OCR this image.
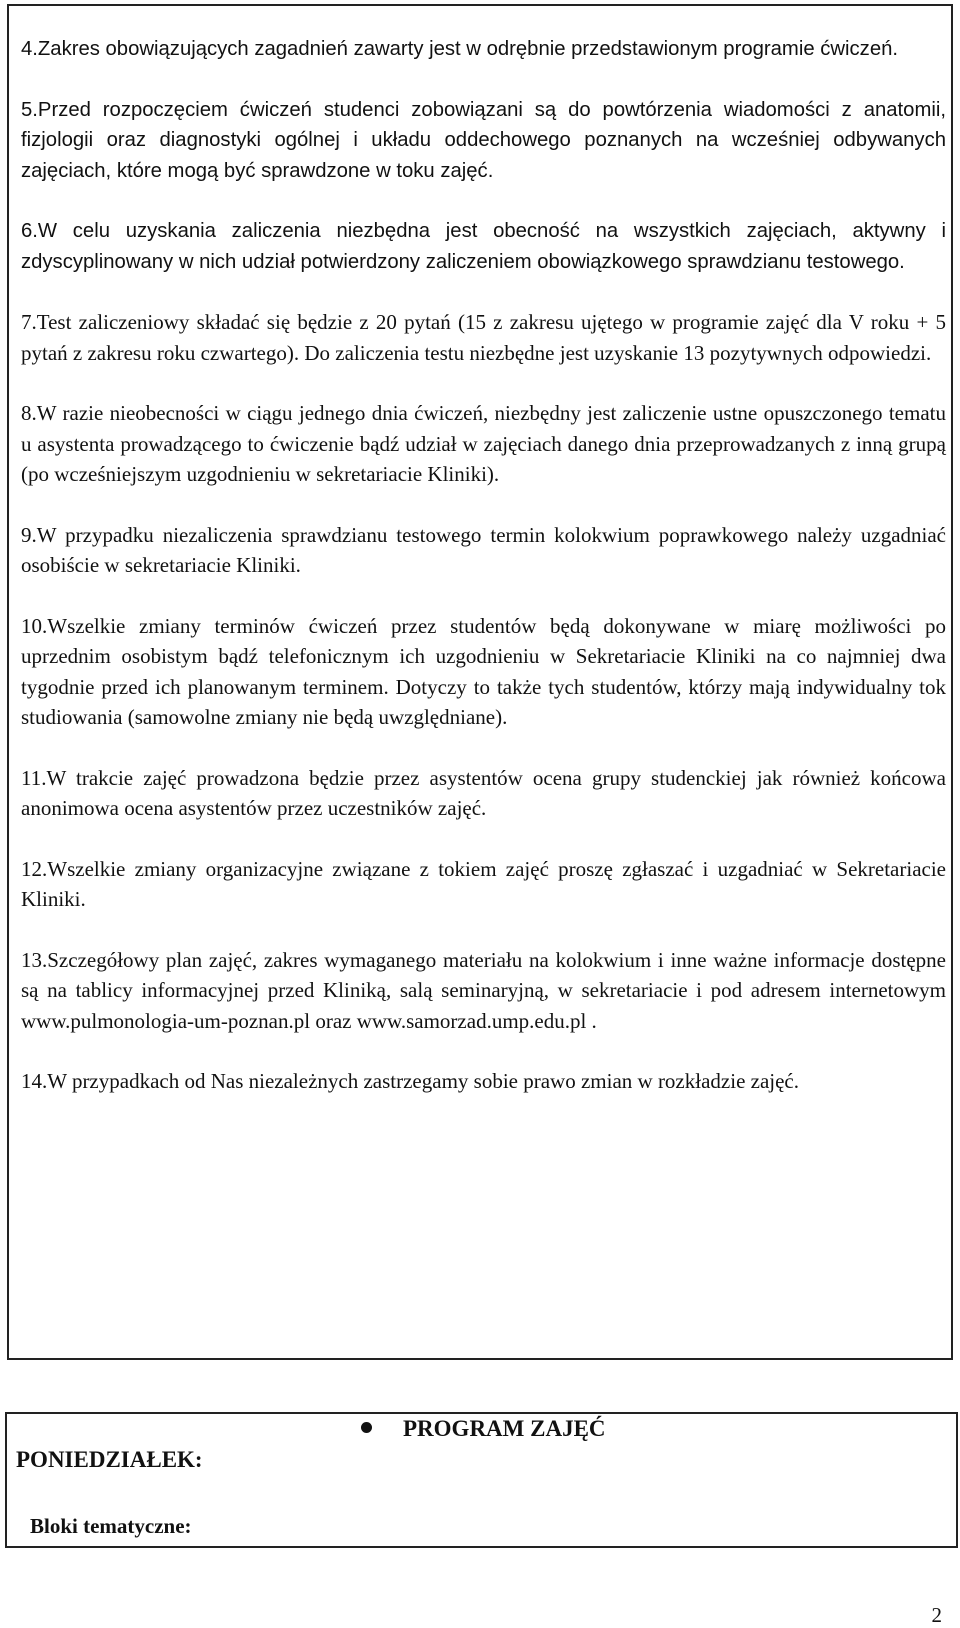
4.Zakres obowiązujących zagadnień zawarty jest w odrębnie przedstawionym programie ćwiczeń.
5.Przed rozpoczęciem ćwiczeń studenci zobowiązani są do powtórzenia wiadomości z anatomii, fizjologii oraz diagnostyki ogólnej i układu oddechowego poznanych na wcześniej odbywanych zajęciach, które mogą być sprawdzone w toku zajęć.
6.W celu uzyskania zaliczenia niezbędna jest obecność na wszystkich zajęciach, aktywny i zdyscyplinowany w nich udział potwierdzony zaliczeniem obowiązkowego sprawdzianu testowego.
7.Test zaliczeniowy składać się będzie z 20 pytań (15 z zakresu ujętego w programie zajęć dla V roku + 5 pytań z zakresu roku czwartego). Do zaliczenia testu niezbędne jest uzyskanie 13 pozytywnych odpowiedzi.
8.W razie nieobecności w ciągu jednego dnia ćwiczeń, niezbędny jest zaliczenie ustne opuszczonego tematu u asystenta prowadzącego to ćwiczenie bądź udział w zajęciach danego dnia przeprowadzanych z inną grupą (po wcześniejszym uzgodnieniu w sekretariacie Kliniki).
9.W przypadku niezaliczenia sprawdzianu testowego termin kolokwium poprawkowego należy uzgadniać osobiście w sekretariacie Kliniki.
10.Wszelkie zmiany terminów ćwiczeń przez studentów będą dokonywane w miarę możliwości po uprzednim osobistym bądź telefonicznym ich uzgodnieniu w Sekretariacie Kliniki na co najmniej dwa tygodnie przed ich planowanym terminem. Dotyczy to także tych studentów, którzy mają indywidualny tok studiowania (samowolne zmiany nie będą uwzględniane).
11.W trakcie zajęć prowadzona będzie przez asystentów ocena grupy studenckiej jak również końcowa anonimowa ocena asystentów przez uczestników zajęć.
12.Wszelkie zmiany organizacyjne związane z tokiem zajęć proszę zgłaszać i uzgadniać w Sekretariacie Kliniki.
13.Szczegółowy plan zajęć, zakres wymaganego materiału na kolokwium i inne ważne informacje dostępne są na tablicy informacyjnej przed Kliniką, salą seminaryjną, w sekretariacie i pod adresem internetowym www.pulmonologia-um-poznan.pl oraz www.samorzad.ump.edu.pl .
14.W przypadkach od Nas niezależnych zastrzegamy sobie prawo zmian w rozkładzie zajęć.

PROGRAM ZAJĘĆ

PONIEDZIAŁEK:

Bloki tematyczne:

2
